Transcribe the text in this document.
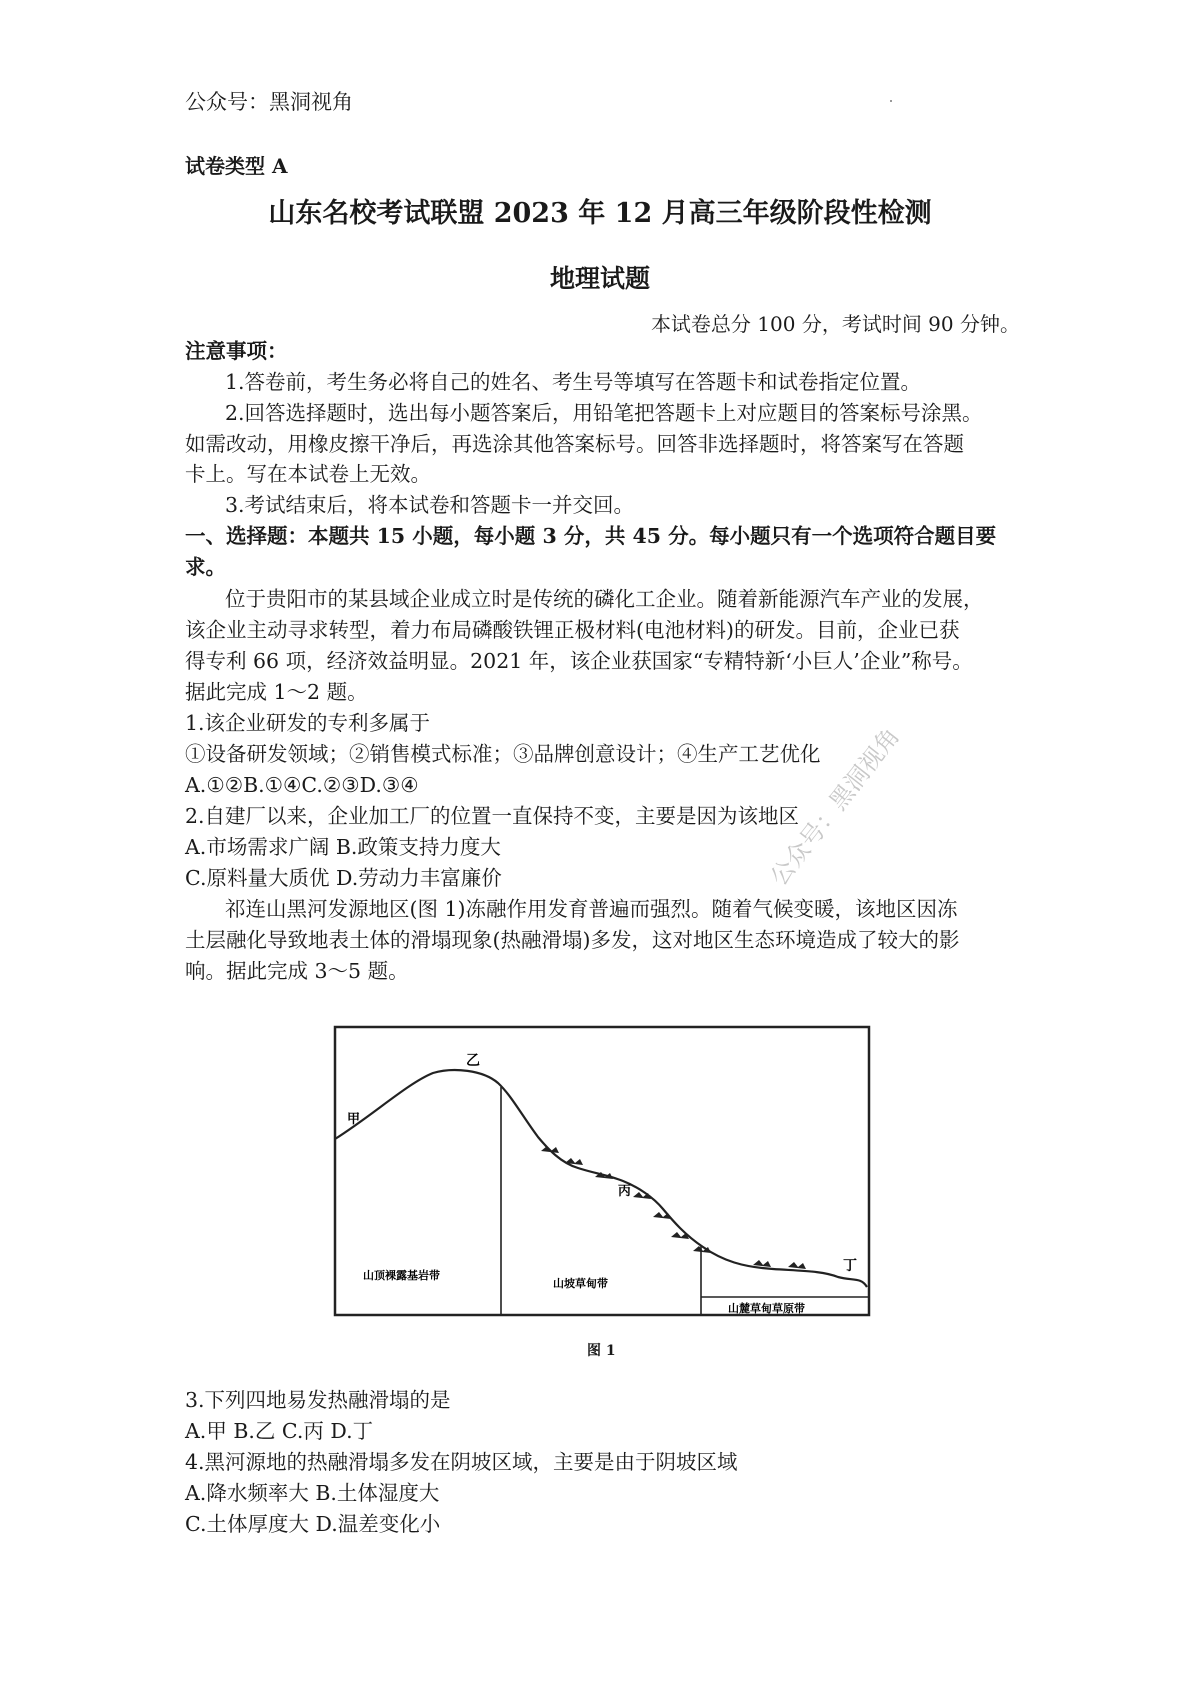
公众号：黑洞视角
试卷类型 A
山东名校考试联盟 2023 年 12 月高三年级阶段性检测
地理试题
本试卷总分 100 分，考试时间 90 分钟。
注意事项：
1.答卷前，考生务必将自己的姓名、考生号等填写在答题卡和试卷指定位置。
2.回答选择题时，选出每小题答案后，用铅笔把答题卡上对应题目的答案标号涂黑。
如需改动，用橡皮擦干净后，再选涂其他答案标号。回答非选择题时，将答案写在答题
卡上。写在本试卷上无效。
3.考试结束后，将本试卷和答题卡一并交回。
一、选择题：本题共 15 小题，每小题 3 分，共 45 分。每小题只有一个选项符合题目要
求。
位于贵阳市的某县域企业成立时是传统的磷化工企业。随着新能源汽车产业的发展，
该企业主动寻求转型，着力布局磷酸铁锂正极材料(电池材料)的研发。目前，企业已获
得专利 66 项，经济效益明显。2021 年，该企业获国家“专精特新‘小巨人’企业”称号。
据此完成 1～2 题。
1.该企业研发的专利多属于
①设备研发领域；②销售模式标准；③品牌创意设计；④生产工艺优化
A.①②B.①④C.②③D.③④
2.自建厂以来，企业加工厂的位置一直保持不变，主要是因为该地区
A.市场需求广阔 B.政策支持力度大
C.原料量大质优 D.劳动力丰富廉价
祁连山黑河发源地区(图 1)冻融作用发育普遍而强烈。随着气候变暖，该地区因冻
土层融化导致地表土体的滑塌现象(热融滑塌)多发，这对地区生态环境造成了较大的影
响。据此完成 3～5 题。
公众号：黑洞视角
甲
乙
丙
丁
山顶裸露基岩带
山坡草甸带
山麓草甸草原带
图 1
3.下列四地易发热融滑塌的是
A.甲 B.乙 C.丙 D.丁
4.黑河源地的热融滑塌多发在阴坡区域，主要是由于阴坡区域
A.降水频率大 B.土体湿度大
C.土体厚度大 D.温差变化小
